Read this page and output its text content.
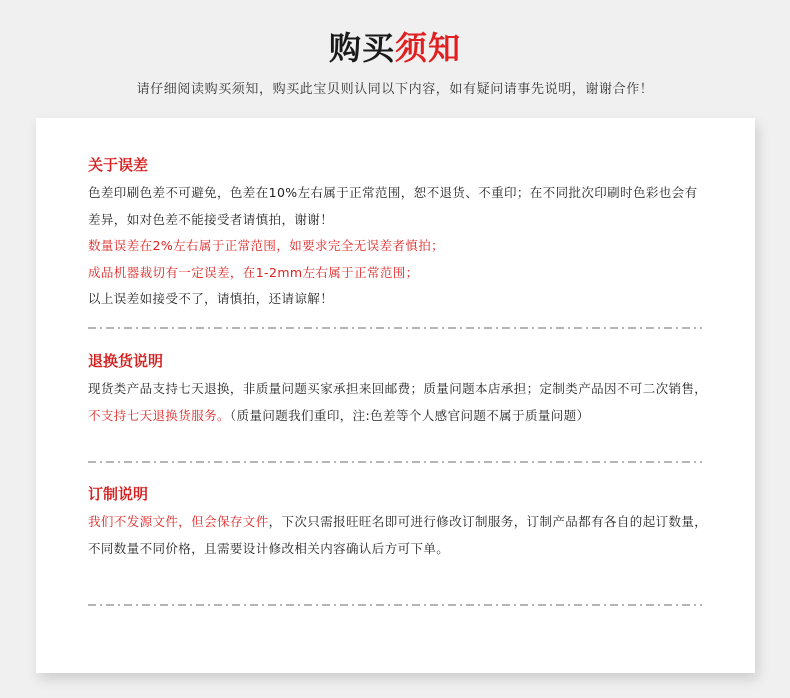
购买须知
请仔细阅读购买须知，购买此宝贝则认同以下内容，如有疑问请事先说明，谢谢合作！
关于误差

色差印刷色差不可避免，色差在10%左右属于正常范围，恕不退货、不重印；在不同批次印刷时色彩也会有差异，如对色差不能接受者请慎拍，谢谢！

数量误差在2%左右属于正常范围，如要求完全无误差者慎拍；

成品机器裁切有一定误差，在1-2mm左右属于正常范围；

以上误差如接受不了，请慎拍，还请谅解！

退换货说明

现货类产品支持七天退换，非质量问题买家承担来回邮费；质量问题本店承担；定制类产品因不可二次销售，不支持七天退换货服务。（质量问题我们重印，注:色差等个人感官问题不属于质量问题）

订制说明

我们不发源文件，但会保存文件，下次只需报旺旺名即可进行修改订制服务，订制产品都有各自的起订数量，不同数量不同价格，且需要设计修改相关内容确认后方可下单。
